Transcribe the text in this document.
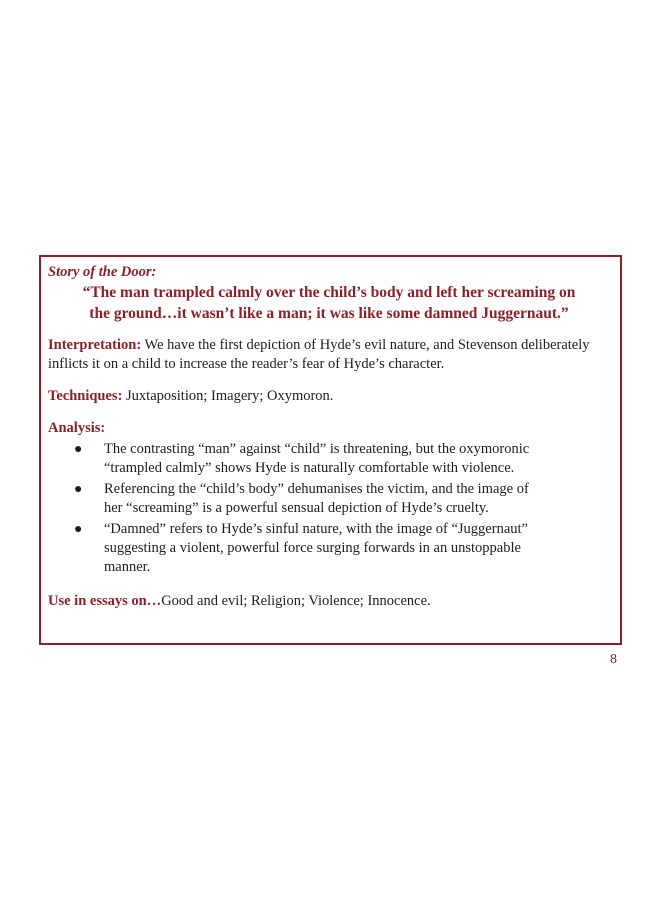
Story of the Door:
“The man trampled calmly over the child’s body and left her screaming on
the ground…it wasn’t like a man; it was like some damned Juggernaut.”

Interpretation: We have the first depiction of Hyde’s evil nature, and Stevenson deliberately inflicts it on a child to increase the reader’s fear of Hyde’s character.

Techniques: Juxtaposition; Imagery; Oxymoron.

Analysis:

● The contrasting “man” against “child” is threatening, but the oxymoronic
“trampled calmly” shows Hyde is naturally comfortable with violence.
● Referencing the “child’s body” dehumanises the victim, and the image of
her “screaming” is a powerful sensual depiction of Hyde’s cruelty.
● “Damned” refers to Hyde’s sinful nature, with the image of “Juggernaut”
suggesting a violent, powerful force surging forwards in an unstoppable
manner.

Use in essays on…Good and evil; Religion; Violence; Innocence.

8
